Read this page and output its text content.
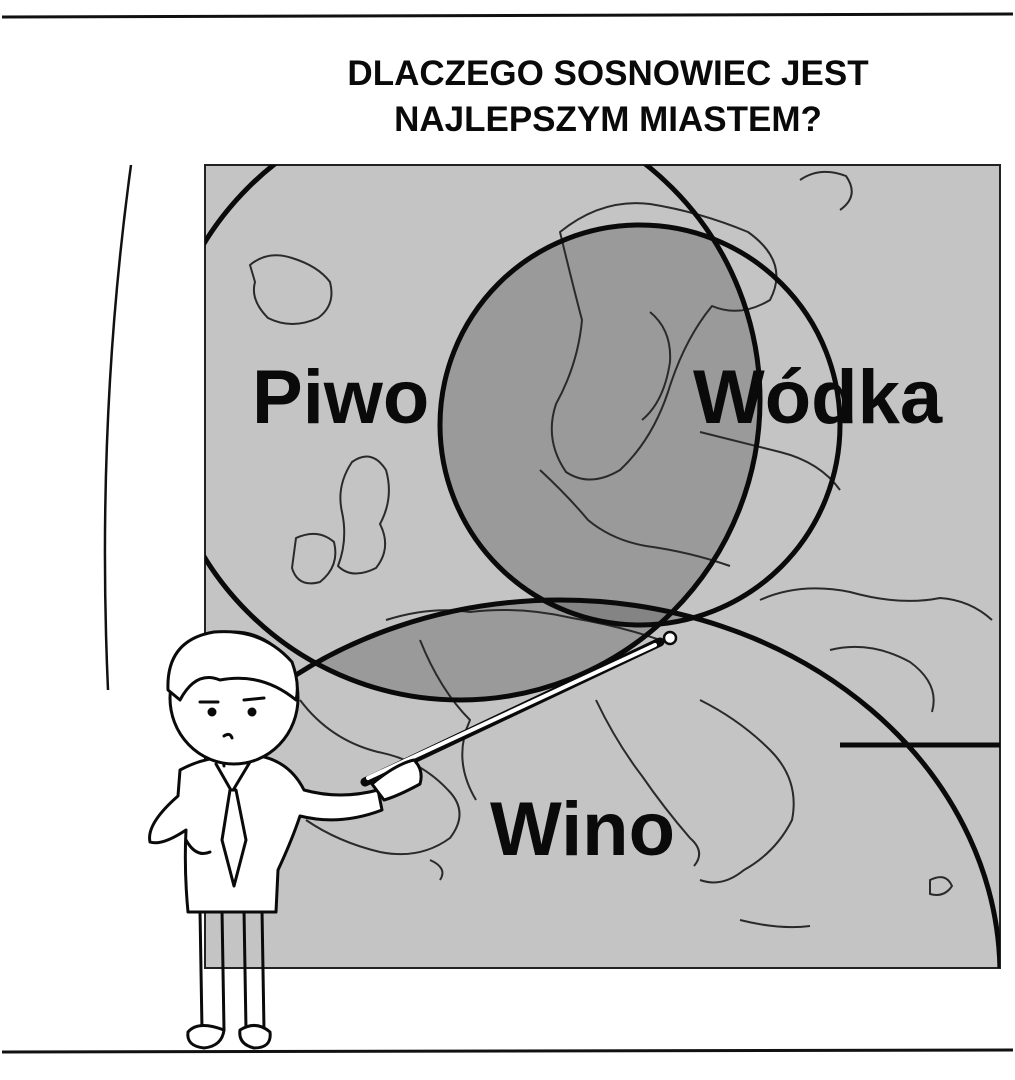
DLACZEGO SOSNOWIEC JEST
NAJLEPSZYM MIASTEM?
Piwo	Wódka
Wino
